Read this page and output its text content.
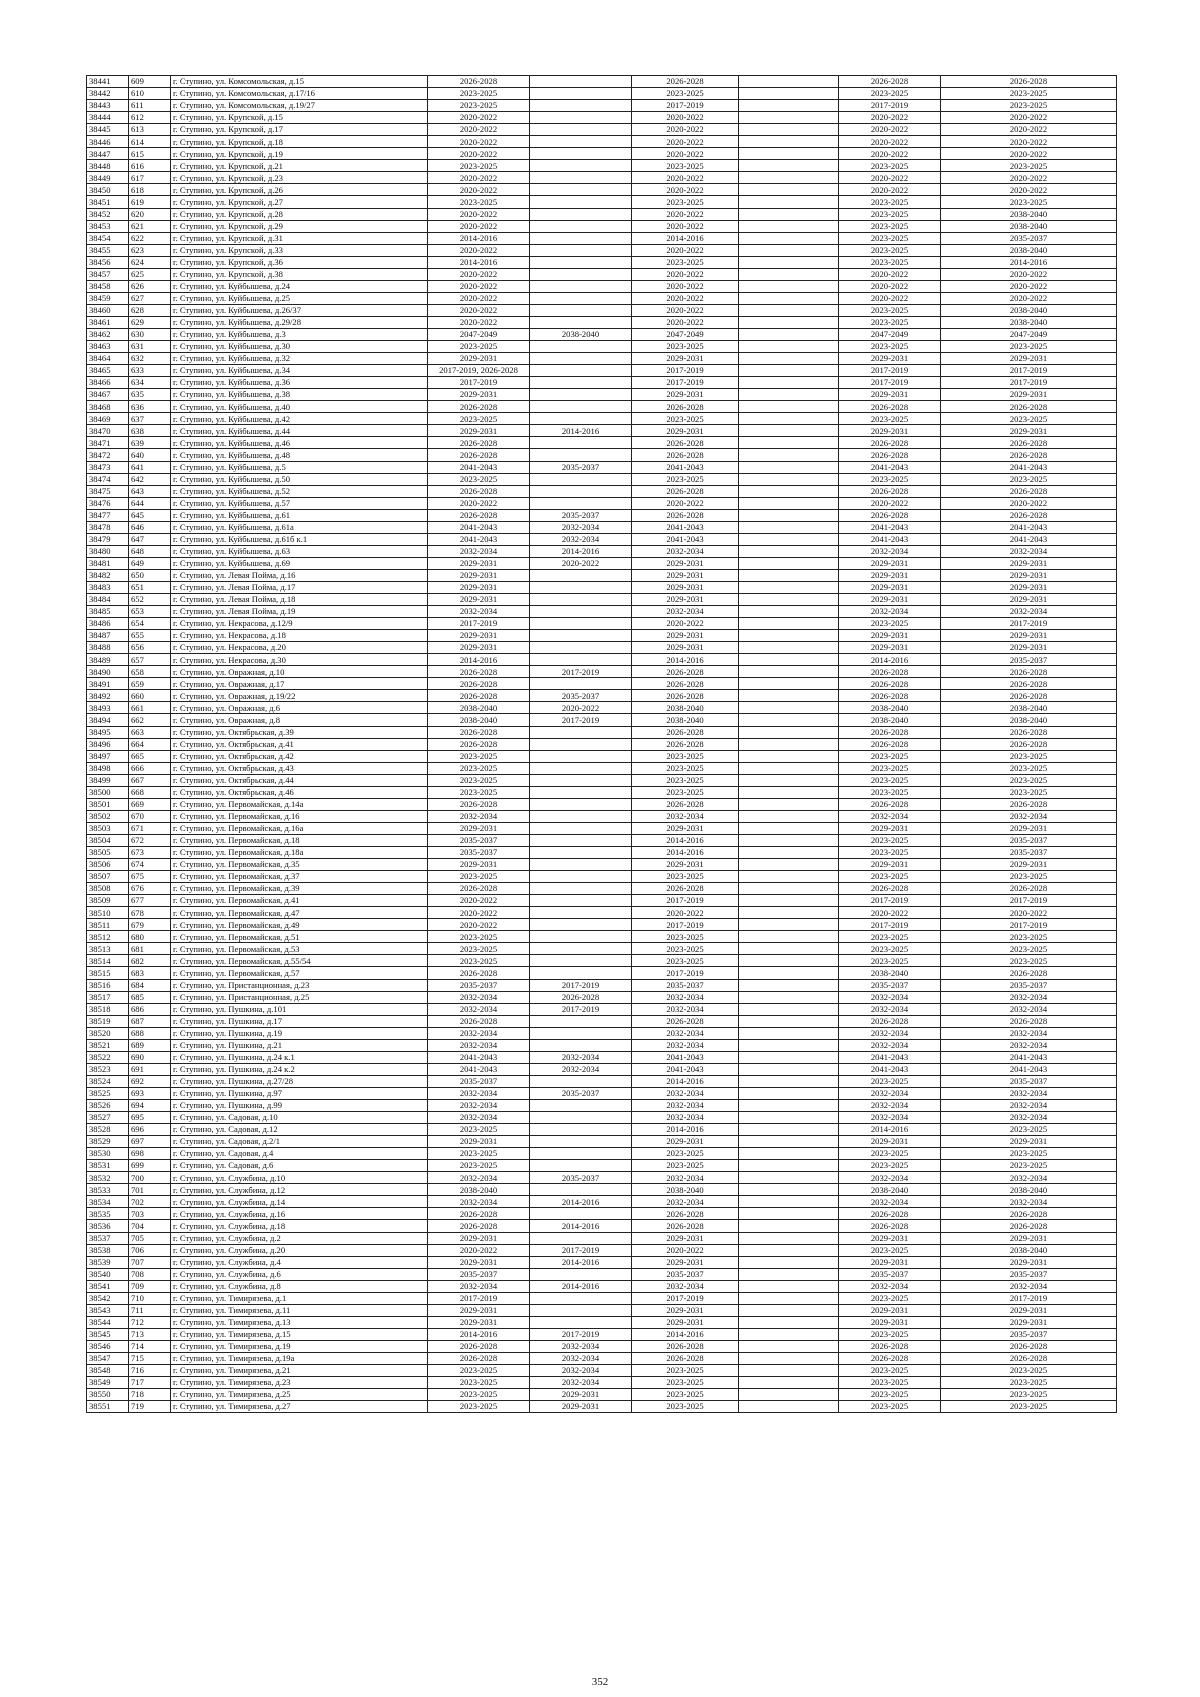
38441	609	г. Ступино, ул. Комсомольская, д.15	2026-2028		2026-2028		2026-2028	2026-2028
38442	610	г. Ступино, ул. Комсомольская, д.17/16	2023-2025		2023-2025		2023-2025	2023-2025
38443	611	г. Ступино, ул. Комсомольская, д.19/27	2023-2025		2017-2019		2017-2019	2023-2025
38444	612	г. Ступино, ул. Крупской, д.15	2020-2022		2020-2022		2020-2022	2020-2022
38445	613	г. Ступино, ул. Крупской, д.17	2020-2022		2020-2022		2020-2022	2020-2022
38446	614	г. Ступино, ул. Крупской, д.18	2020-2022		2020-2022		2020-2022	2020-2022
38447	615	г. Ступино, ул. Крупской, д.19	2020-2022		2020-2022		2020-2022	2020-2022
38448	616	г. Ступино, ул. Крупской, д.21	2023-2025		2023-2025		2023-2025	2023-2025
38449	617	г. Ступино, ул. Крупской, д.23	2020-2022		2020-2022		2020-2022	2020-2022
38450	618	г. Ступино, ул. Крупской, д.26	2020-2022		2020-2022		2020-2022	2020-2022
38451	619	г. Ступино, ул. Крупской, д.27	2023-2025		2023-2025		2023-2025	2023-2025
38452	620	г. Ступино, ул. Крупской, д.28	2020-2022		2020-2022		2023-2025	2038-2040
38453	621	г. Ступино, ул. Крупской, д.29	2020-2022		2020-2022		2023-2025	2038-2040
38454	622	г. Ступино, ул. Крупской, д.31	2014-2016		2014-2016		2023-2025	2035-2037
38455	623	г. Ступино, ул. Крупской, д.33	2020-2022		2020-2022		2023-2025	2038-2040
38456	624	г. Ступино, ул. Крупской, д.36	2014-2016		2023-2025		2023-2025	2014-2016
38457	625	г. Ступино, ул. Крупской, д.38	2020-2022		2020-2022		2020-2022	2020-2022
38458	626	г. Ступино, ул. Куйбышева, д.24	2020-2022		2020-2022		2020-2022	2020-2022
38459	627	г. Ступино, ул. Куйбышева, д.25	2020-2022		2020-2022		2020-2022	2020-2022
38460	628	г. Ступино, ул. Куйбышева, д.26/37	2020-2022		2020-2022		2023-2025	2038-2040
38461	629	г. Ступино, ул. Куйбышева, д.29/28	2020-2022		2020-2022		2023-2025	2038-2040
38462	630	г. Ступино, ул. Куйбышева, д.3	2047-2049	2038-2040	2047-2049		2047-2049	2047-2049
38463	631	г. Ступино, ул. Куйбышева, д.30	2023-2025		2023-2025		2023-2025	2023-2025
38464	632	г. Ступино, ул. Куйбышева, д.32	2029-2031		2029-2031		2029-2031	2029-2031
38465	633	г. Ступино, ул. Куйбышева, д.34	2017-2019, 2026-2028		2017-2019		2017-2019	2017-2019
38466	634	г. Ступино, ул. Куйбышева, д.36	2017-2019		2017-2019		2017-2019	2017-2019
38467	635	г. Ступино, ул. Куйбышева, д.38	2029-2031		2029-2031		2029-2031	2029-2031
38468	636	г. Ступино, ул. Куйбышева, д.40	2026-2028		2026-2028		2026-2028	2026-2028
38469	637	г. Ступино, ул. Куйбышева, д.42	2023-2025		2023-2025		2023-2025	2023-2025
38470	638	г. Ступино, ул. Куйбышева, д.44	2029-2031	2014-2016	2029-2031		2029-2031	2029-2031
38471	639	г. Ступино, ул. Куйбышева, д.46	2026-2028		2026-2028		2026-2028	2026-2028
38472	640	г. Ступино, ул. Куйбышева, д.48	2026-2028		2026-2028		2026-2028	2026-2028
38473	641	г. Ступино, ул. Куйбышева, д.5	2041-2043	2035-2037	2041-2043		2041-2043	2041-2043
38474	642	г. Ступино, ул. Куйбышева, д.50	2023-2025		2023-2025		2023-2025	2023-2025
38475	643	г. Ступино, ул. Куйбышева, д.52	2026-2028		2026-2028		2026-2028	2026-2028
38476	644	г. Ступино, ул. Куйбышева, д.57	2020-2022		2020-2022		2020-2022	2020-2022
38477	645	г. Ступино, ул. Куйбышева, д.61	2026-2028	2035-2037	2026-2028		2026-2028	2026-2028
38478	646	г. Ступино, ул. Куйбышева, д.61а	2041-2043	2032-2034	2041-2043		2041-2043	2041-2043
38479	647	г. Ступино, ул. Куйбышева, д.61б к.1	2041-2043	2032-2034	2041-2043		2041-2043	2041-2043
38480	648	г. Ступино, ул. Куйбышева, д.63	2032-2034	2014-2016	2032-2034		2032-2034	2032-2034
38481	649	г. Ступино, ул. Куйбышева, д.69	2029-2031	2020-2022	2029-2031		2029-2031	2029-2031
38482	650	г. Ступино, ул. Левая Пойма, д.16	2029-2031		2029-2031		2029-2031	2029-2031
38483	651	г. Ступино, ул. Левая Пойма, д.17	2029-2031		2029-2031		2029-2031	2029-2031
38484	652	г. Ступино, ул. Левая Пойма, д.18	2029-2031		2029-2031		2029-2031	2029-2031
38485	653	г. Ступино, ул. Левая Пойма, д.19	2032-2034		2032-2034		2032-2034	2032-2034
38486	654	г. Ступино, ул. Некрасова, д.12/9	2017-2019		2020-2022		2023-2025	2017-2019
38487	655	г. Ступино, ул. Некрасова, д.18	2029-2031		2029-2031		2029-2031	2029-2031
38488	656	г. Ступино, ул. Некрасова, д.20	2029-2031		2029-2031		2029-2031	2029-2031
38489	657	г. Ступино, ул. Некрасова, д.30	2014-2016		2014-2016		2014-2016	2035-2037
38490	658	г. Ступино, ул. Овражная, д.10	2026-2028	2017-2019	2026-2028		2026-2028	2026-2028
38491	659	г. Ступино, ул. Овражная, д.17	2026-2028		2026-2028		2026-2028	2026-2028
38492	660	г. Ступино, ул. Овражная, д.19/22	2026-2028	2035-2037	2026-2028		2026-2028	2026-2028
38493	661	г. Ступино, ул. Овражная, д.6	2038-2040	2020-2022	2038-2040		2038-2040	2038-2040
38494	662	г. Ступино, ул. Овражная, д.8	2038-2040	2017-2019	2038-2040		2038-2040	2038-2040
38495	663	г. Ступино, ул. Октябрьская, д.39	2026-2028		2026-2028		2026-2028	2026-2028
38496	664	г. Ступино, ул. Октябрьская, д.41	2026-2028		2026-2028		2026-2028	2026-2028
38497	665	г. Ступино, ул. Октябрьская, д.42	2023-2025		2023-2025		2023-2025	2023-2025
38498	666	г. Ступино, ул. Октябрьская, д.43	2023-2025		2023-2025		2023-2025	2023-2025
38499	667	г. Ступино, ул. Октябрьская, д.44	2023-2025		2023-2025		2023-2025	2023-2025
38500	668	г. Ступино, ул. Октябрьская, д.46	2023-2025		2023-2025		2023-2025	2023-2025
38501	669	г. Ступино, ул. Первомайская, д.14а	2026-2028		2026-2028		2026-2028	2026-2028
38502	670	г. Ступино, ул. Первомайская, д.16	2032-2034		2032-2034		2032-2034	2032-2034
38503	671	г. Ступино, ул. Первомайская, д.16а	2029-2031		2029-2031		2029-2031	2029-2031
38504	672	г. Ступино, ул. Первомайская, д.18	2035-2037		2014-2016		2023-2025	2035-2037
38505	673	г. Ступино, ул. Первомайская, д.18а	2035-2037		2014-2016		2023-2025	2035-2037
38506	674	г. Ступино, ул. Первомайская, д.35	2029-2031		2029-2031		2029-2031	2029-2031
38507	675	г. Ступино, ул. Первомайская, д.37	2023-2025		2023-2025		2023-2025	2023-2025
38508	676	г. Ступино, ул. Первомайская, д.39	2026-2028		2026-2028		2026-2028	2026-2028
38509	677	г. Ступино, ул. Первомайская, д.41	2020-2022		2017-2019		2017-2019	2017-2019
38510	678	г. Ступино, ул. Первомайская, д.47	2020-2022		2020-2022		2020-2022	2020-2022
38511	679	г. Ступино, ул. Первомайская, д.49	2020-2022		2017-2019		2017-2019	2017-2019
38512	680	г. Ступино, ул. Первомайская, д.51	2023-2025		2023-2025		2023-2025	2023-2025
38513	681	г. Ступино, ул. Первомайская, д.53	2023-2025		2023-2025		2023-2025	2023-2025
38514	682	г. Ступино, ул. Первомайская, д.55/54	2023-2025		2023-2025		2023-2025	2023-2025
38515	683	г. Ступино, ул. Первомайская, д.57	2026-2028		2017-2019		2038-2040	2026-2028
38516	684	г. Ступино, ул. Пристанционная, д.23	2035-2037	2017-2019	2035-2037		2035-2037	2035-2037
38517	685	г. Ступино, ул. Пристанционная, д.25	2032-2034	2026-2028	2032-2034		2032-2034	2032-2034
38518	686	г. Ступино, ул. Пушкина, д.101	2032-2034	2017-2019	2032-2034		2032-2034	2032-2034
38519	687	г. Ступино, ул. Пушкина, д.17	2026-2028		2026-2028		2026-2028	2026-2028
38520	688	г. Ступино, ул. Пушкина, д.19	2032-2034		2032-2034		2032-2034	2032-2034
38521	689	г. Ступино, ул. Пушкина, д.21	2032-2034		2032-2034		2032-2034	2032-2034
38522	690	г. Ступино, ул. Пушкина, д.24 к.1	2041-2043	2032-2034	2041-2043		2041-2043	2041-2043
38523	691	г. Ступино, ул. Пушкина, д.24 к.2	2041-2043	2032-2034	2041-2043		2041-2043	2041-2043
38524	692	г. Ступино, ул. Пушкина, д.27/28	2035-2037		2014-2016		2023-2025	2035-2037
38525	693	г. Ступино, ул. Пушкина, д.97	2032-2034	2035-2037	2032-2034		2032-2034	2032-2034
38526	694	г. Ступино, ул. Пушкина, д.99	2032-2034		2032-2034		2032-2034	2032-2034
38527	695	г. Ступино, ул. Садовая, д.10	2032-2034		2032-2034		2032-2034	2032-2034
38528	696	г. Ступино, ул. Садовая, д.12	2023-2025		2014-2016		2014-2016	2023-2025
38529	697	г. Ступино, ул. Садовая, д.2/1	2029-2031		2029-2031		2029-2031	2029-2031
38530	698	г. Ступино, ул. Садовая, д.4	2023-2025		2023-2025		2023-2025	2023-2025
38531	699	г. Ступино, ул. Садовая, д.6	2023-2025		2023-2025		2023-2025	2023-2025
38532	700	г. Ступино, ул. Службина, д.10	2032-2034	2035-2037	2032-2034		2032-2034	2032-2034
38533	701	г. Ступино, ул. Службина, д.12	2038-2040		2038-2040		2038-2040	2038-2040
38534	702	г. Ступино, ул. Службина, д.14	2032-2034	2014-2016	2032-2034		2032-2034	2032-2034
38535	703	г. Ступино, ул. Службина, д.16	2026-2028		2026-2028		2026-2028	2026-2028
38536	704	г. Ступино, ул. Службина, д.18	2026-2028	2014-2016	2026-2028		2026-2028	2026-2028
38537	705	г. Ступино, ул. Службина, д.2	2029-2031		2029-2031		2029-2031	2029-2031
38538	706	г. Ступино, ул. Службина, д.20	2020-2022	2017-2019	2020-2022		2023-2025	2038-2040
38539	707	г. Ступино, ул. Службина, д.4	2029-2031	2014-2016	2029-2031		2029-2031	2029-2031
38540	708	г. Ступино, ул. Службина, д.6	2035-2037		2035-2037		2035-2037	2035-2037
38541	709	г. Ступино, ул. Службина, д.8	2032-2034	2014-2016	2032-2034		2032-2034	2032-2034
38542	710	г. Ступино, ул. Тимирязева, д.1	2017-2019		2017-2019		2023-2025	2017-2019
38543	711	г. Ступино, ул. Тимирязева, д.11	2029-2031		2029-2031		2029-2031	2029-2031
38544	712	г. Ступино, ул. Тимирязева, д.13	2029-2031		2029-2031		2029-2031	2029-2031
38545	713	г. Ступино, ул. Тимирязева, д.15	2014-2016	2017-2019	2014-2016		2023-2025	2035-2037
38546	714	г. Ступино, ул. Тимирязева, д.19	2026-2028	2032-2034	2026-2028		2026-2028	2026-2028
38547	715	г. Ступино, ул. Тимирязева, д.19а	2026-2028	2032-2034	2026-2028		2026-2028	2026-2028
38548	716	г. Ступино, ул. Тимирязева, д.21	2023-2025	2032-2034	2023-2025		2023-2025	2023-2025
38549	717	г. Ступино, ул. Тимирязева, д.23	2023-2025	2032-2034	2023-2025		2023-2025	2023-2025
38550	718	г. Ступино, ул. Тимирязева, д.25	2023-2025	2029-2031	2023-2025		2023-2025	2023-2025
38551	719	г. Ступино, ул. Тимирязева, д.27	2023-2025	2029-2031	2023-2025		2023-2025	2023-2025
352
